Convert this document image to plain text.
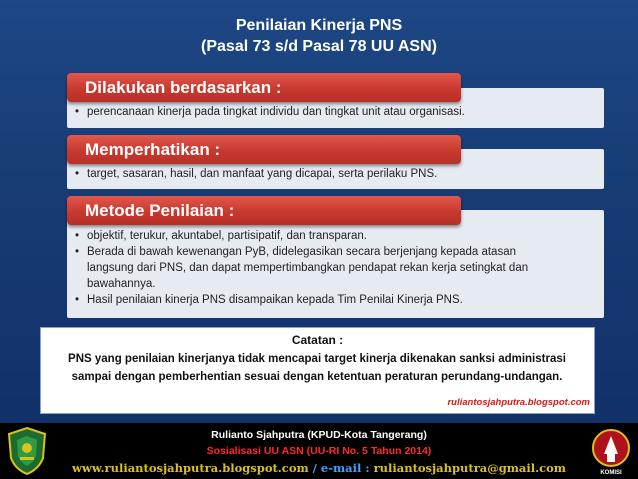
Penilaian Kinerja PNS
(Pasal 73 s/d Pasal 78 UU ASN)
• perencanaan kinerja pada tingkat individu dan tingkat unit atau organisasi.
Dilakukan berdasarkan :
• target, sasaran, hasil, dan manfaat yang dicapai, serta perilaku PNS.
Memperhatikan :
• objektif, terukur, akuntabel, partisipatif, dan transparan.
• Berada di bawah kewenangan PyB, didelegasikan secara berjenjang kepada atasan langsung dari PNS, dan dapat mempertimbangkan pendapat rekan kerja setingkat dan bawahannya.
• Hasil penilaian kinerja PNS disampaikan kepada Tim Penilai Kinerja PNS.
Metode Penilaian :
Catatan :
PNS yang penilaian kinerjanya tidak mencapai target kinerja dikenakan sanksi administrasi
sampai dengan pemberhentian sesuai dengan ketentuan peraturan perundang-undangan.
ruliantosjahputra.blogspot.com
Rulianto Sjahputra (KPUD-Kota Tangerang)
Sosialisasi UU ASN (UU-RI No. 5 Tahun 2014)
www.ruliantosjahputra.blogspot.com / e-mail : ruliantosjahputra@gmail.com	KOMISI
